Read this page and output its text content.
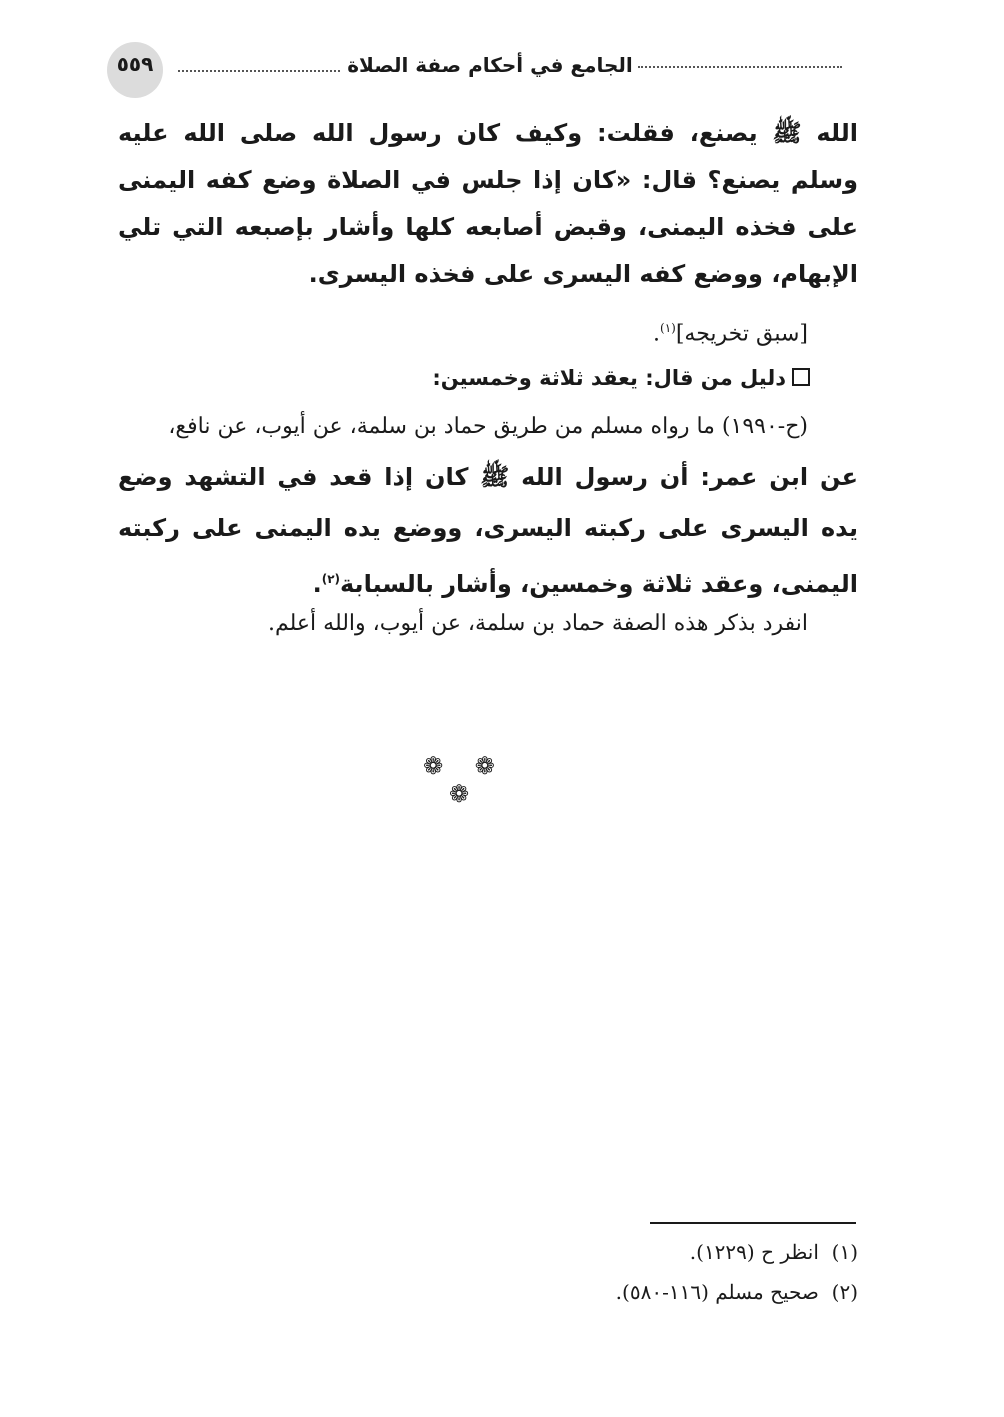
٥٥٩	الجامع في أحكام صفة الصلاة
الله ﷺ يصنع، فقلت: وكيف كان رسول الله صلى الله عليه وسلم يصنع؟ قال: «كان إذا جلس في الصلاة وضع كفه اليمنى على فخذه اليمنى، وقبض أصابعه كلها وأشار بإصبعه التي تلي الإبهام، ووضع كفه اليسرى على فخذه اليسرى.
[سبق تخريجه]$^{(١)}$.
دليل من قال: يعقد ثلاثة وخمسين:
(ح-١٩٩٠) ما رواه مسلم من طريق حماد بن سلمة، عن أيوب، عن نافع،
عن ابن عمر: أن رسول الله ﷺ كان إذا قعد في التشهد وضع يده اليسرى على ركبته اليسرى، ووضع يده اليمنى على ركبته اليمنى، وعقد ثلاثة وخمسين، وأشار بالسبابة$^{(٢)}$.
انفرد بذكر هذه الصفة حماد بن سلمة، عن أيوب، والله أعلم.
❁ ❁ ❁
(١)  انظر ح (١٢٢٩).
(٢)  صحيح مسلم (١١٦-٥٨٠).
